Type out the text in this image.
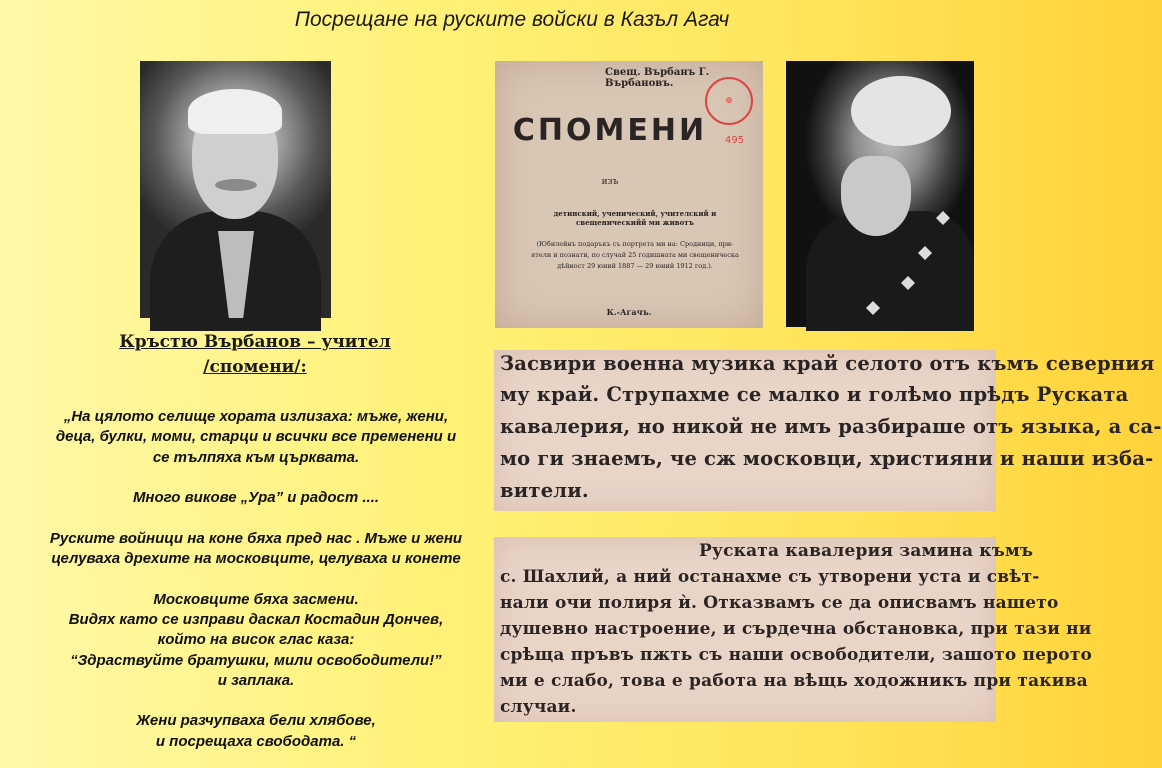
Посрещане на руските войски в Казъл Агач
Свещ. Върбанъ Г. Върбановъ.
⊕
495
СПОМЕНИ
изъ
детинский, ученический, учителский и свещеническийй ми животъ
(Юбилейнъ подаръкъ съ портрета ми на: Сродници, при-
ятели и познати, по случай 25 годишната ми свещеническа
дѣйност 29 юний 1887 — 29 юний 1912 год.).
К.-Агачъ.
Кръстю Върбанов – учител
/спомени/:

„На цялото селище хората излизаха: мъже, жени,

деца, булки, моми, старци и всички все пременени и

се тълпяха към църквата.

Много викове „Ура” и радост ....

Руските войници на коне бяха пред нас . Мъже и жени

целуваха дрехите на московците, целуваха и конете

Московците бяха засмени.

Видях като се изправи даскал Костадин Дончев,

който на висок глас каза:

“Здраствуйте братушки, мили освободители!”

и заплака.

Жени разчупваха бели хлябове,

и посрещаха свободата. “

Засвири военна музика край селото отъ къмъ северния
му край. Струпахме се малко и голѣмо прѣдъ Руската
кавалерия, но никой не имъ разбираше отъ языка, а са-
мо ги знаемъ, че сж московци, християни и наши изба-
вители.
Руската кавалерия замина къмъ
с. Шахлий, а ний останахме съ утворени уста и свѣт-
нали очи полиря ѝ. Отказвамъ се да описвамъ нашето
душевно настроение, и сърдечна обстановка, при тази ни
срѣща пръвъ пжть съ наши освободители, зашото перото
ми е слабо, това е работа на вѣщь ходожникъ при такива
случаи.
